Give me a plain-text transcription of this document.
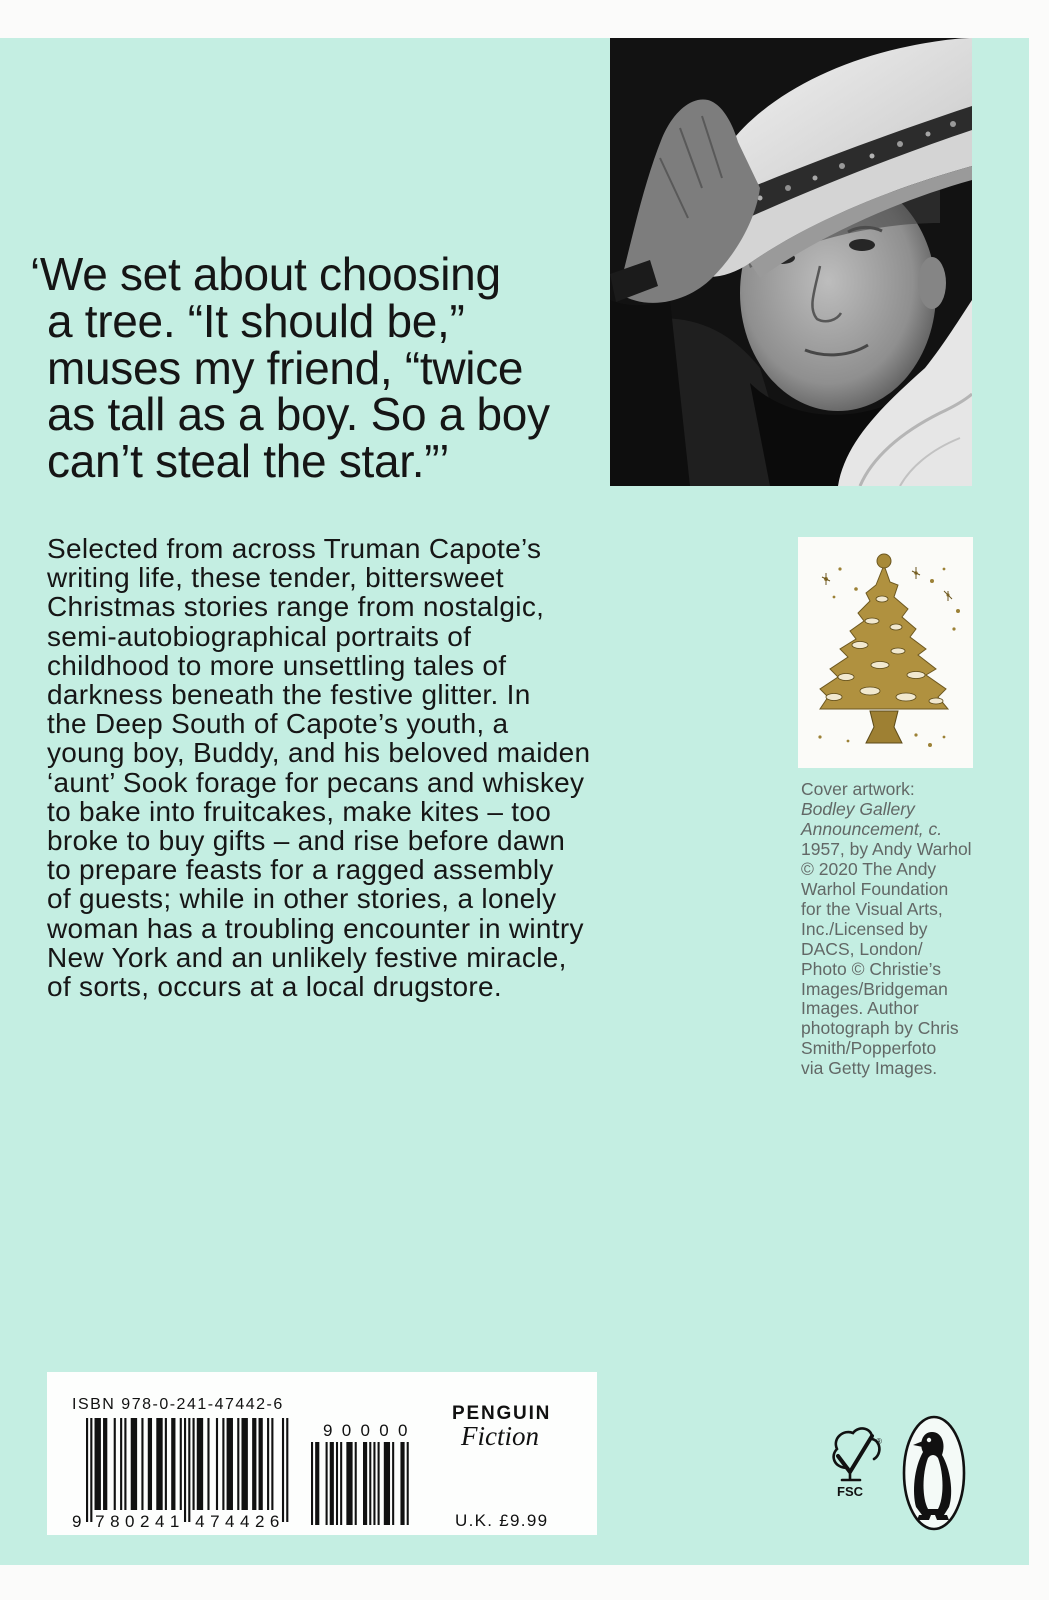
‘We set about choosing
a tree. “It should be,”
muses my friend, “twice
as tall as a boy. So a boy
can’t steal the star.”’
Selected from across Truman Capote’s
writing life, these tender, bittersweet
Christmas stories range from nostalgic,
semi-autobiographical portraits of
childhood to more unsettling tales of
darkness beneath the festive glitter. In
the Deep South of Capote’s youth, a
young boy, Buddy, and his beloved maiden
‘aunt’ Sook forage for pecans and whiskey
to bake into fruitcakes, make kites – too
broke to buy gifts – and rise before dawn
to prepare feasts for a ragged assembly
of guests; while in other stories, a lonely
woman has a troubling encounter in wintry
New York and an unlikely festive miracle,
of sorts, occurs at a local drugstore.
Cover artwork:
Bodley Gallery
Announcement, c.
1957, by Andy Warhol
© 2020 The Andy
Warhol Foundation
for the Visual Arts,
Inc./Licensed by
DACS, London/
Photo © Christie’s
Images/Bridgeman
Images. Author
photograph by Chris
Smith/Popperfoto
via Getty Images.
ISBN 978-0-241-47442-6
9 780241 474426
90000
PENGUIN
Fiction
U.K. £9.99
®
FSC
